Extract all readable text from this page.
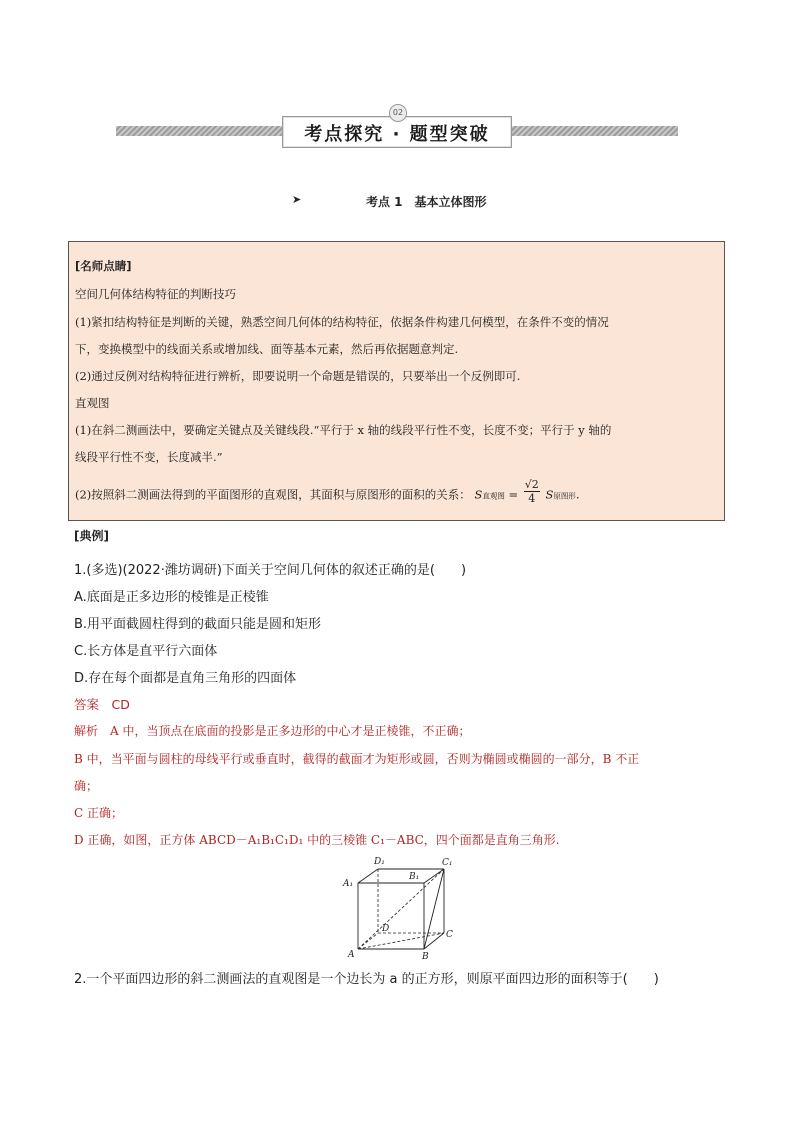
考点探究 · 题型突破
02
➤	考点 1　基本立体图形
[名师点睛]
空间几何体结构特征的判断技巧
(1)紧扣结构特征是判断的关键，熟悉空间几何体的结构特征，依据条件构建几何模型，在条件不变的情况
下，变换模型中的线面关系或增加线、面等基本元素，然后再依据题意判定.
(2)通过反例对结构特征进行辨析，即要说明一个命题是错误的，只要举出一个反例即可.
直观图
(1)在斜二测画法中，要确定关键点及关键线段.“平行于 x 轴的线段平行性不变，长度不变；平行于 y 轴的
线段平行性不变，长度减半.”
(2)按照斜二测画法得到的平面图形的直观图，其面积与原图形的面积的关系： S直观图 = $\frac{√2}{4}$ S原图形.
[典例]
1.(多选)(2022·潍坊调研)下面关于空间几何体的叙述正确的是(　　)
A.底面是正多边形的棱锥是正棱锥
B.用平面截圆柱得到的截面只能是圆和矩形
C.长方体是直平行六面体
D.存在每个面都是直角三角形的四面体
答案　CD
解析　A 中，当顶点在底面的投影是正多边形的中心才是正棱锥，不正确；
B 中，当平面与圆柱的母线平行或垂直时，截得的截面才为矩形或圆，否则为椭圆或椭圆的一部分，B 不正
确；
C 正确；
D 正确，如图，正方体 ABCD－A₁B₁C₁D₁ 中的三棱锥 C₁－ABC，四个面都是直角三角形.
D₁	C₁
A₁
B₁
D
C
A	B
2.一个平面四边形的斜二测画法的直观图是一个边长为 a 的正方形，则原平面四边形的面积等于(　　)
